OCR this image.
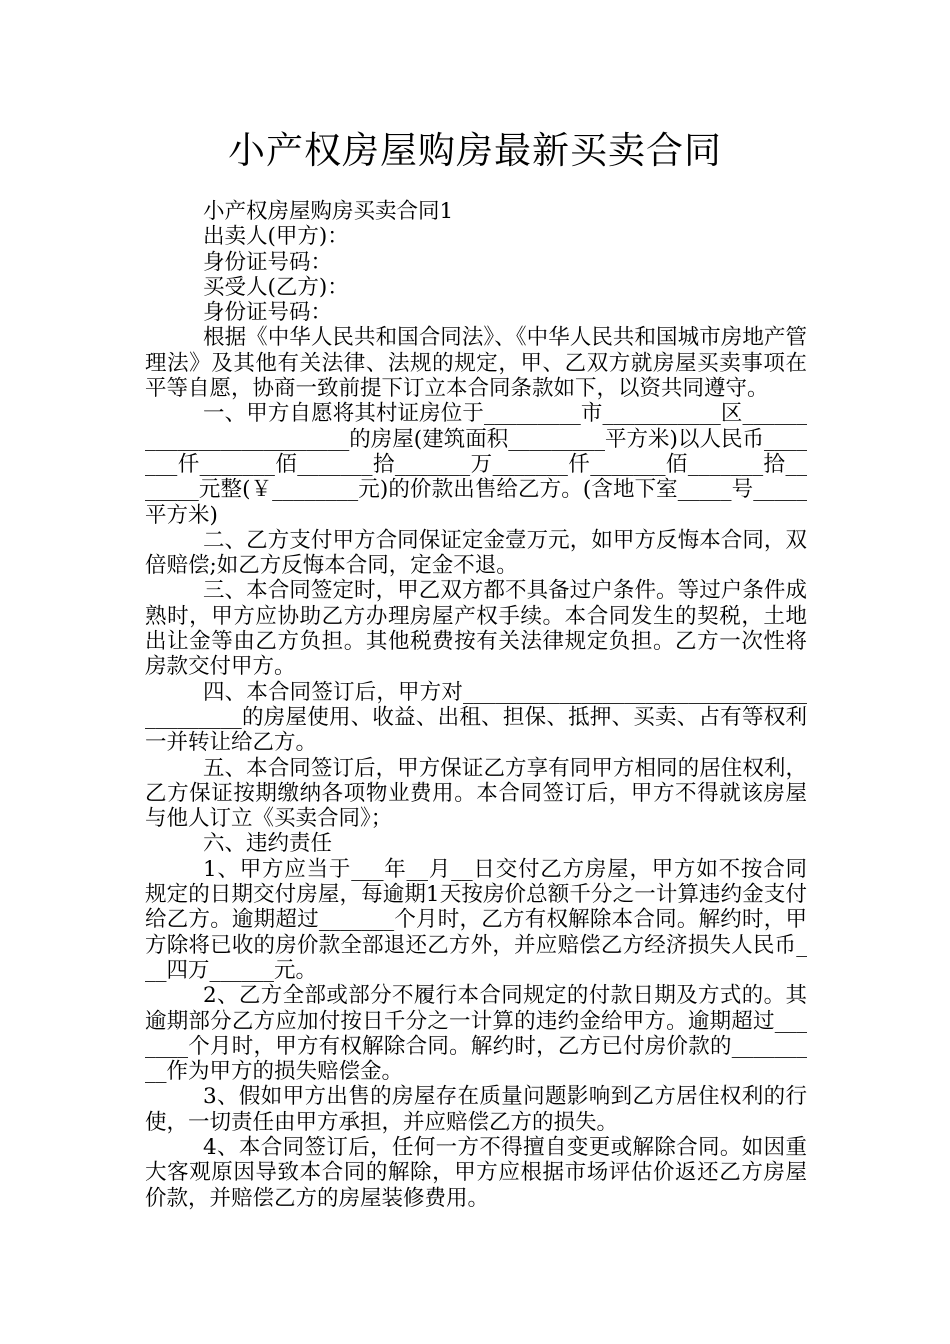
小产权房屋购房最新买卖合同

小产权房屋购房买卖合同1

出卖人(甲方)：

身份证号码：

买受人(乙方)：

身份证号码：

根据《中华人民共和国合同法》、《中华人民共和国城市房地产管理法》及其他有关法律、法规的规定，甲、乙双方就房屋买卖事项在平等自愿，协商一致前提下订立本合同条款如下，以资共同遵守。

一、甲方自愿将其村证房位于_________市___________区_________________________的房屋(建筑面积_________平方米)以人民币_______仟_______佰_______拾_______万_______仟_______佰_______拾_______元整(￥________元)的价款出售给乙方。(含地下室_____号_____平方米)

二、乙方支付甲方合同保证定金壹万元，如甲方反悔本合同，双倍赔偿;如乙方反悔本合同，定金不退。

三、本合同签定时，甲乙双方都不具备过户条件。等过户条件成熟时，甲方应协助乙方办理房屋产权手续。本合同发生的契税，土地出让金等由乙方负担。其他税费按有关法律规定负担。乙方一次性将房款交付甲方。

四、本合同签订后，甲方对_________________________________________的房屋使用、收益、出租、担保、抵押、买卖、占有等权利一并转让给乙方。

五、本合同签订后，甲方保证乙方享有同甲方相同的居住权利，乙方保证按期缴纳各项物业费用。本合同签订后，甲方不得就该房屋与他人订立《买卖合同》；

六、违约责任

1、甲方应当于___年__月__日交付乙方房屋，甲方如不按合同规定的日期交付房屋，每逾期1天按房价总额千分之一计算违约金支付给乙方。逾期超过_______个月时，乙方有权解除本合同。解约时，甲方除将已收的房价款全部退还乙方外，并应赔偿乙方经济损失人民币___四万______元。

2、乙方全部或部分不履行本合同规定的付款日期及方式的。其逾期部分乙方应加付按日千分之一计算的违约金给甲方。逾期超过_______个月时，甲方有权解除合同。解约时，乙方已付房价款的_________作为甲方的损失赔偿金。

3、假如甲方出售的房屋存在质量问题影响到乙方居住权利的行使，一切责任由甲方承担，并应赔偿乙方的损失。

4、本合同签订后，任何一方不得擅自变更或解除合同。如因重大客观原因导致本合同的解除，甲方应根据市场评估价返还乙方房屋价款，并赔偿乙方的房屋装修费用。
